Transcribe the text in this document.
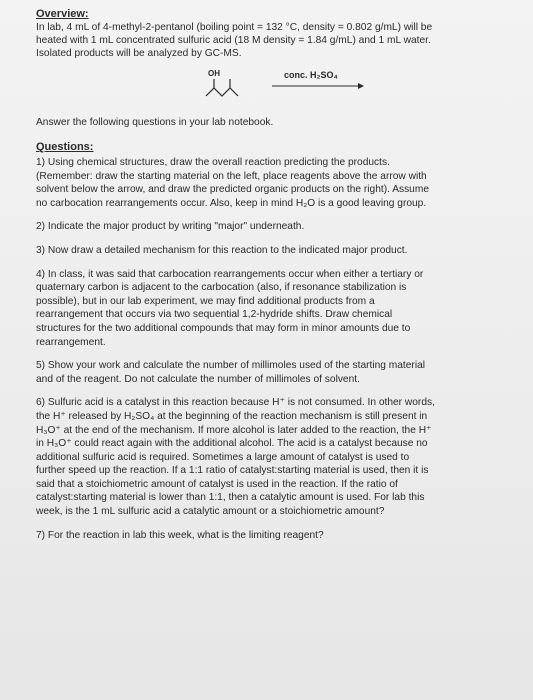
Overview:

In lab, 4 mL of 4-methyl-2-pentanol (boiling point = 132 °C, density = 0.802 g/mL) will be

heated with 1 mL concentrated sulfuric acid (18 M density = 1.84 g/mL) and 1 mL water.

Isolated products will be analyzed by GC-MS.

OH	conc. H₂SO₄

Answer the following questions in your lab notebook.

Questions:

1) Using chemical structures, draw the overall reaction predicting the products.

(Remember: draw the starting material on the left, place reagents above the arrow with

solvent below the arrow, and draw the predicted organic products on the right). Assume

no carbocation rearrangements occur. Also, keep in mind H₂O is a good leaving group.

2) Indicate the major product by writing "major" underneath.

3) Now draw a detailed mechanism for this reaction to the indicated major product.

4) In class, it was said that carbocation rearrangements occur when either a tertiary or

quaternary carbon is adjacent to the carbocation (also, if resonance stabilization is

possible), but in our lab experiment, we may find additional products from a

rearrangement that occurs via two sequential 1,2-hydride shifts. Draw chemical

structures for the two additional compounds that may form in minor amounts due to

rearrangement.

5) Show your work and calculate the number of millimoles used of the starting material

and of the reagent. Do not calculate the number of millimoles of solvent.

6) Sulfuric acid is a catalyst in this reaction because H⁺ is not consumed. In other words,

the H⁺ released by H₂SO₄ at the beginning of the reaction mechanism is still present in

H₃O⁺ at the end of the mechanism. If more alcohol is later added to the reaction, the H⁺

in H₃O⁺ could react again with the additional alcohol. The acid is a catalyst because no

additional sulfuric acid is required. Sometimes a large amount of catalyst is used to

further speed up the reaction. If a 1:1 ratio of catalyst:starting material is used, then it is

said that a stoichiometric amount of catalyst is used in the reaction. If the ratio of

catalyst:starting material is lower than 1:1, then a catalytic amount is used. For lab this

week, is the 1 mL sulfuric acid a catalytic amount or a stoichiometric amount?

7) For the reaction in lab this week, what is the limiting reagent?
